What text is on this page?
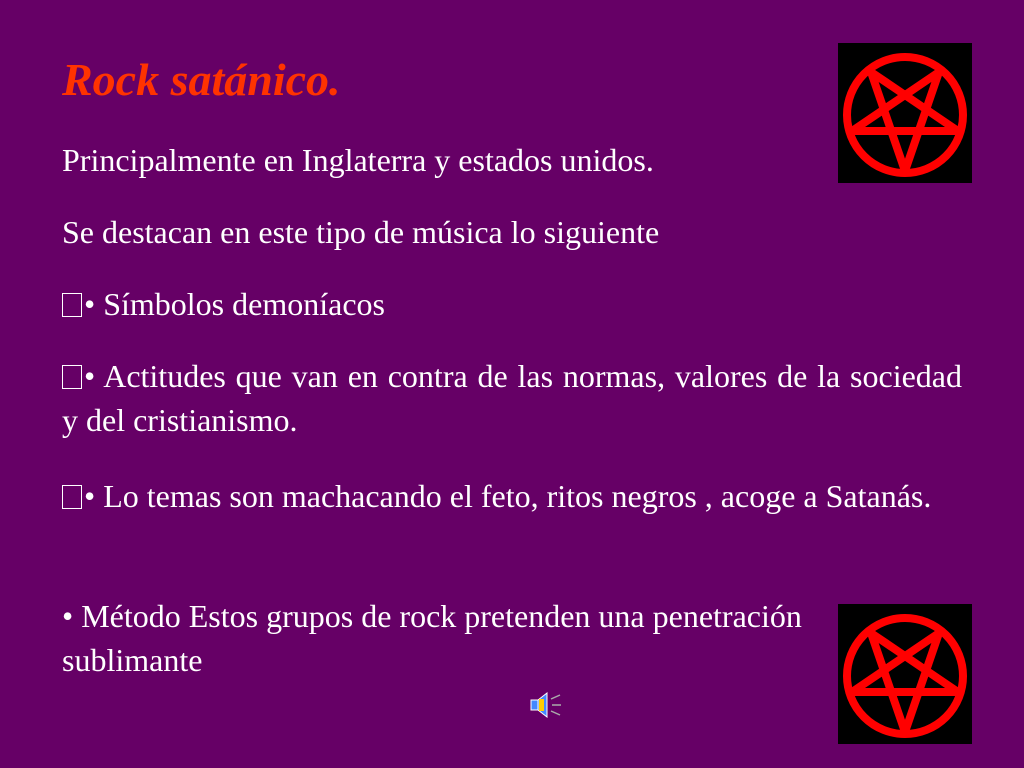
Rock satánico.

Principalmente en Inglaterra y estados unidos.

Se destacan en este tipo de música lo siguiente

• Símbolos demoníacos

• Actitudes que van en contra de las normas, valores de la sociedad y del cristianismo.

• Lo temas son machacando el feto, ritos negros , acoge a Satanás.

• Método Estos grupos de rock pretenden una penetración sublimante
